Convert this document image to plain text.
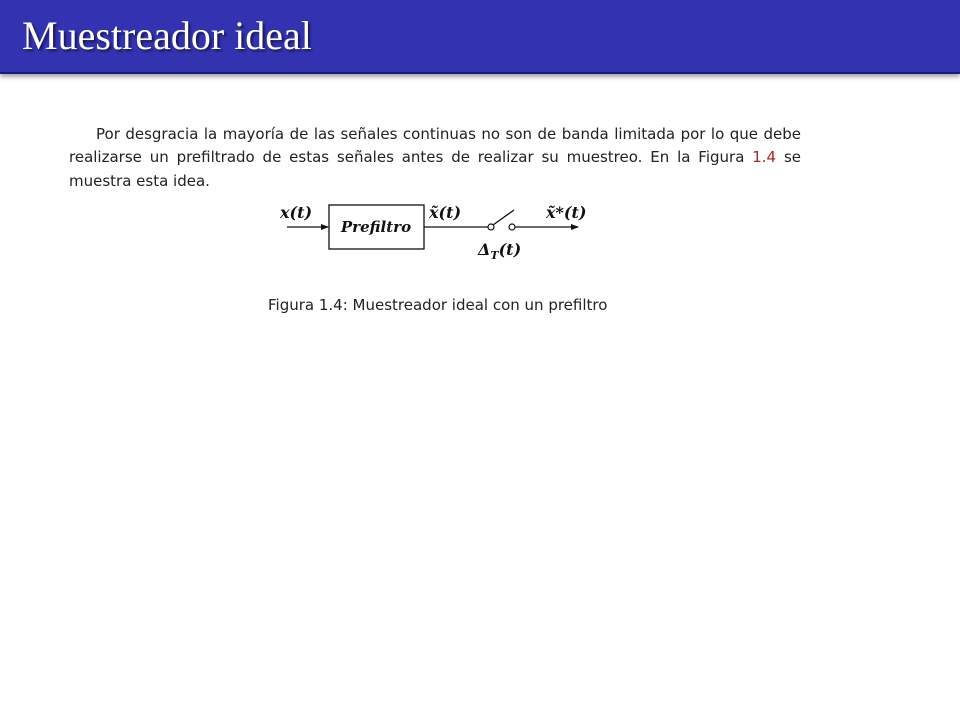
Muestreador ideal
Por desgracia la mayoría de las señales continuas no son de banda limitada por lo que debe realizarse un prefiltrado de estas señales antes de realizar su muestreo. En la Figura 1.4 se muestra esta idea.
x(t)
Prefiltro
x̃(t)
$\Delta_T(t)$
x̃*(t)
Figura 1.4: Muestreador ideal con un prefiltro
